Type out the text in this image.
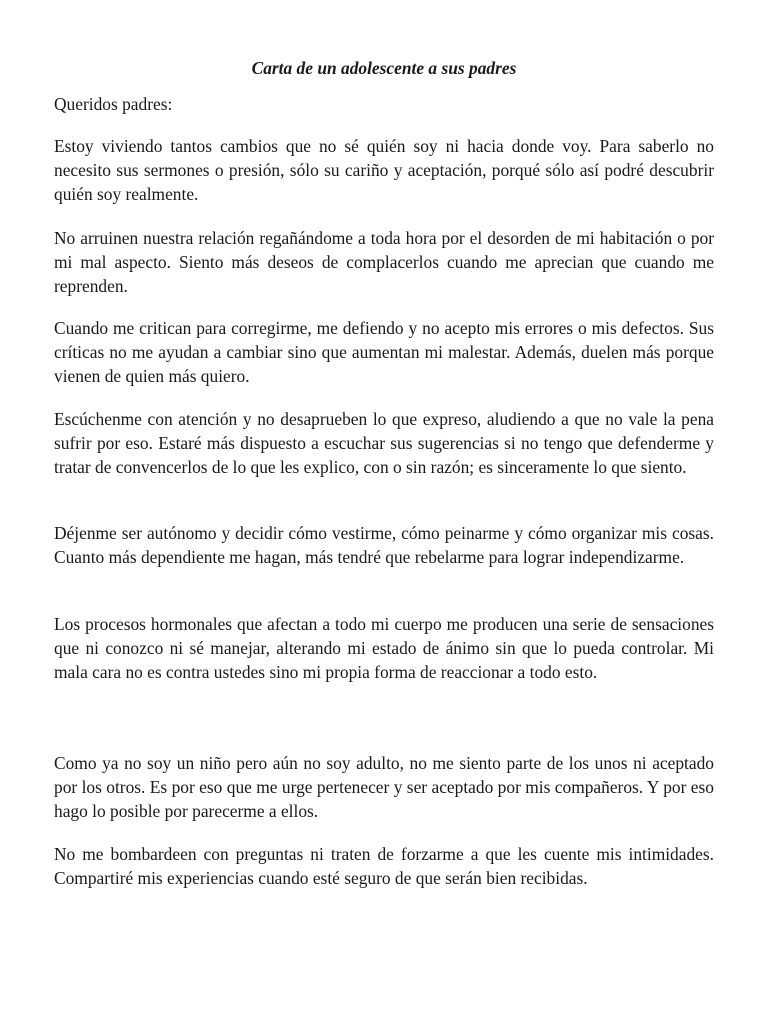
Carta de un adolescente a sus padres

Queridos padres:

Estoy viviendo tantos cambios que no sé quién soy ni hacia donde voy. Para saberlo no necesito sus sermones o presión, sólo su cariño y aceptación, porqué sólo así podré descubrir quién soy realmente.

No arruinen nuestra relación regañándome a toda hora por el desorden de mi habitación o por mi mal aspecto. Siento más deseos de complacerlos cuando me aprecian que cuando me reprenden.

Cuando me critican para corregirme, me defiendo y no acepto mis errores o mis defectos. Sus críticas no me ayudan a cambiar sino que aumentan mi malestar. Además, duelen más porque vienen de quien más quiero.

Escúchenme con atención y no desaprueben lo que expreso, aludiendo a que no vale la pena sufrir por eso. Estaré más dispuesto a escuchar sus sugerencias si no tengo que defenderme y tratar de convencerlos de lo que les explico, con o sin razón; es sinceramente lo que siento.

Déjenme ser autónomo y decidir cómo vestirme, cómo peinarme y cómo organizar mis cosas. Cuanto más dependiente me hagan, más tendré que rebelarme para lograr independizarme.

Los procesos hormonales que afectan a todo mi cuerpo me producen una serie de sensaciones que ni conozco ni sé manejar, alterando mi estado de ánimo sin que lo pueda controlar. Mi mala cara no es contra ustedes sino mi propia forma de reaccionar a todo esto.

Como ya no soy un niño pero aún no soy adulto, no me siento parte de los unos ni aceptado por los otros. Es por eso que me urge pertenecer y ser aceptado por mis compañeros. Y por eso hago lo posible por parecerme a ellos.

No me bombardeen con preguntas ni traten de forzarme a que les cuente mis intimidades. Compartiré mis experiencias cuando esté seguro de que serán bien recibidas.
